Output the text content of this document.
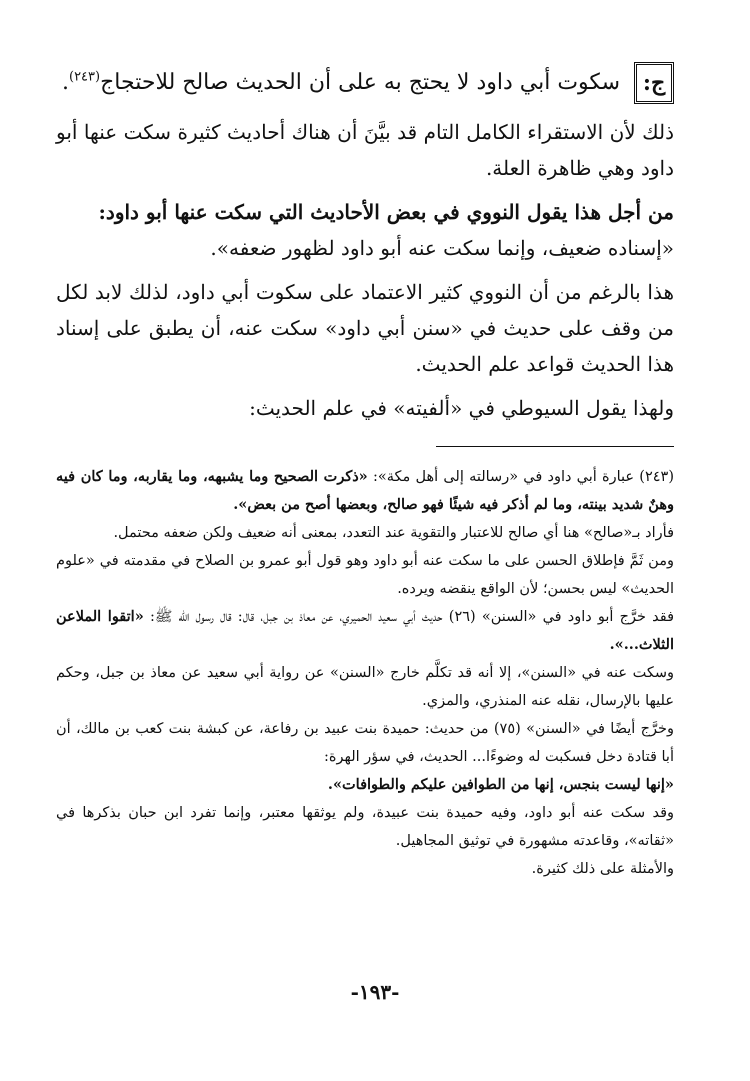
ج:
سكوت أبي داود لا يحتج به على أن الحديث صالح للاحتجاج$^{(٢٤٣)}$.

ذلك لأن الاستقراء الكامل التام قد بيَّنَ أن هناك أحاديث كثيرة سكت عنها أبو داود وهي ظاهرة العلة.

من أجل هذا يقول النووي في بعض الأحاديث التي سكت عنها أبو داود:
«إسناده ضعيف، وإنما سكت عنه أبو داود لظهور ضعفه».

هذا بالرغم من أن النووي كثير الاعتماد على سكوت أبي داود، لذلك لابد لكل من وقف على حديث في «سنن أبي داود» سكت عنه، أن يطبق على إسناد هذا الحديث قواعد علم الحديث.

ولهذا يقول السيوطي في «ألفيته» في علم الحديث:

(٢٤٣) عبارة أبي داود في «رسالته إلى أهل مكة»: «ذكرت الصحيح وما يشبهه، وما يقاربه، وما كان فيه وهنٌ شديد بينته، وما لم أذكر فيه شيئًا فهو صالح، وبعضها أصح من بعض».

فأراد بـ«صالح» هنا أي صالح للاعتبار والتقوية عند التعدد، بمعنى أنه ضعيف ولكن ضعفه محتمل.

ومن ثَمَّ فإطلاق الحسن على ما سكت عنه أبو داود وهو قول أبو عمرو بن الصلاح في مقدمته في «علوم الحديث» ليس بحسن؛ لأن الواقع ينقضه ويرده.

فقد خرَّج أبو داود في «السنن» (٢٦) حديث أبي سعيد الحميري، عن معاذ بن جبل، قال: قال رسول الله ﷺ: «اتقوا الملاعن الثلاث...».

وسكت عنه في «السنن»، إلا أنه قد تكلَّم خارج «السنن» عن رواية أبي سعيد عن معاذ بن جبل، وحكم عليها بالإرسال، نقله عنه المنذري، والمزي.

وخرَّج أيضًا في «السنن» (٧٥) من حديث: حميدة بنت عبيد بن رفاعة، عن كبشة بنت كعب بن مالك، أن أبا قتادة دخل فسكبت له وضوءًا... الحديث، في سؤر الهرة:

«إنها ليست بنجس، إنها من الطوافين عليكم والطوافات».

وقد سكت عنه أبو داود، وفيه حميدة بنت عبيدة، ولم يوثقها معتبر، وإنما تفرد ابن حبان بذكرها في «ثقاته»، وقاعدته مشهورة في توثيق المجاهيل.

والأمثلة على ذلك كثيرة.

-١٩٣-
